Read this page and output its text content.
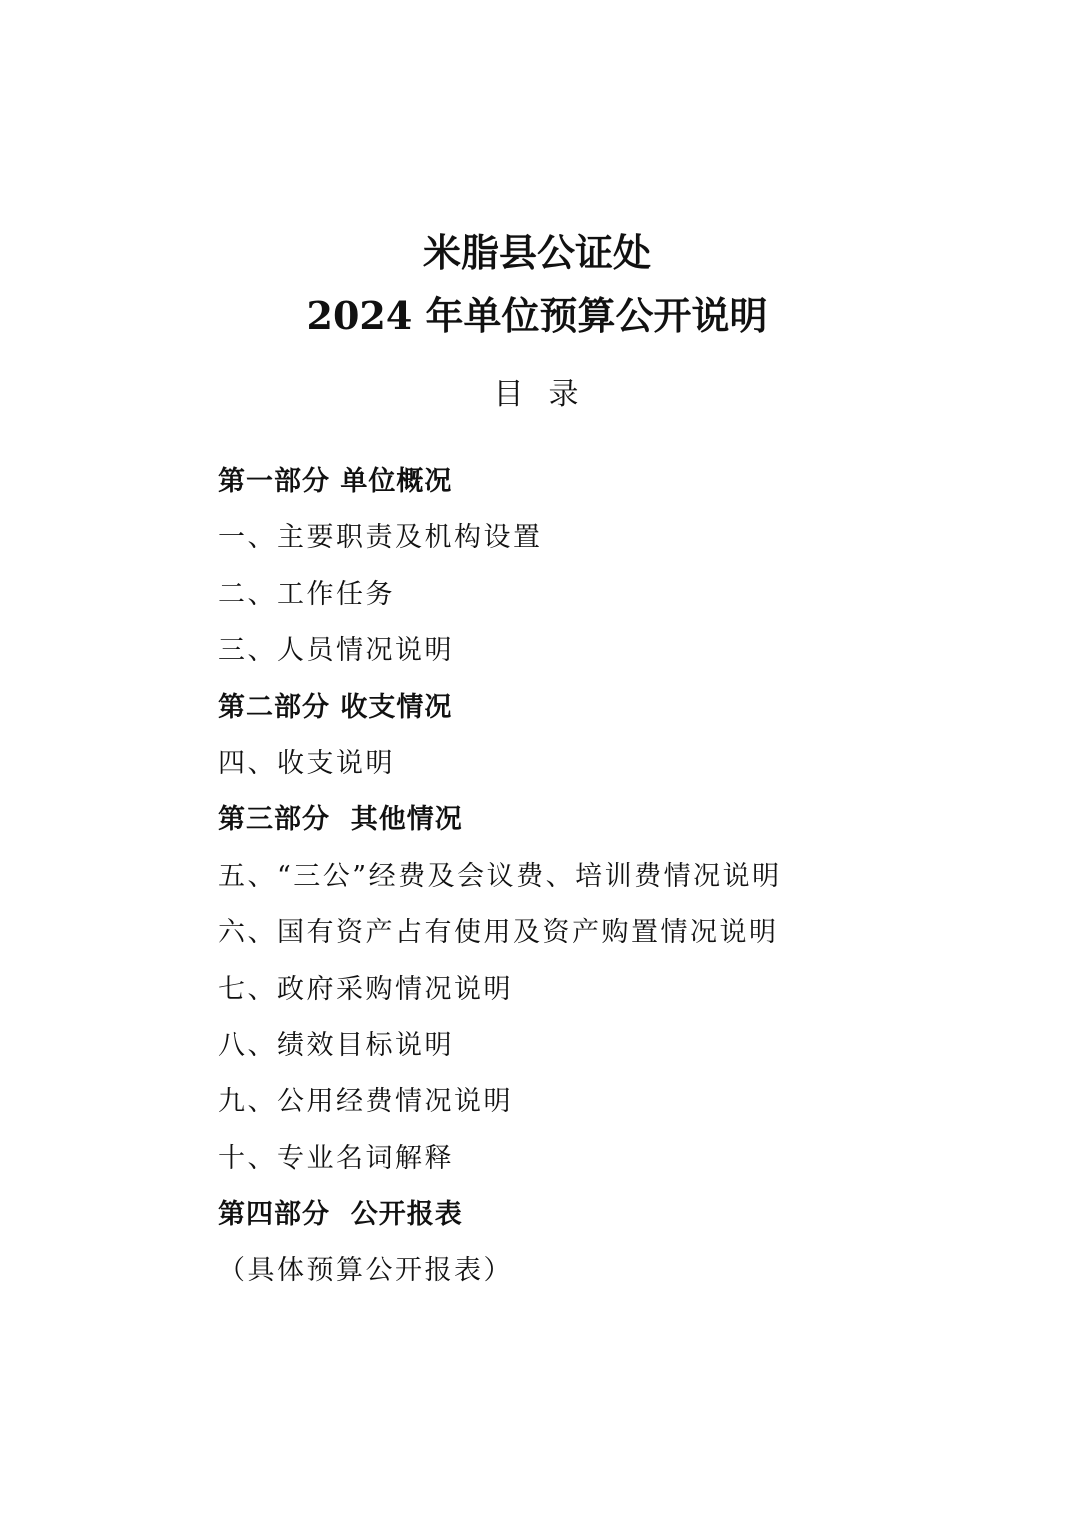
米脂县公证处
2024 年单位预算公开说明
目  录
第一部分 单位概况
一、主要职责及机构设置
二、工作任务
三、人员情况说明
第二部分 收支情况
四、收支说明
第三部分  其他情况
五、“三公”经费及会议费、培训费情况说明
六、国有资产占有使用及资产购置情况说明
七、政府采购情况说明
八、绩效目标说明
九、公用经费情况说明
十、专业名词解释
第四部分  公开报表
（具体预算公开报表）
